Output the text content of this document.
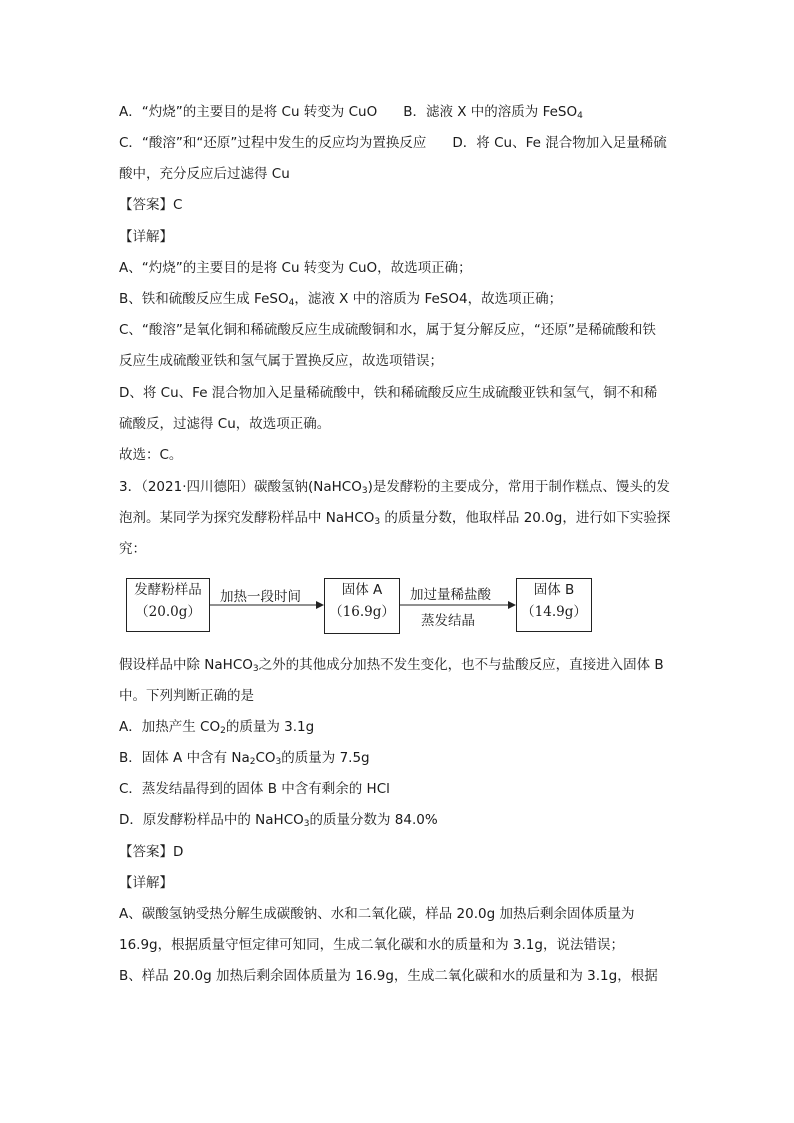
A．“灼烧”的主要目的是将 Cu 转变为 CuO B．滤液 X 中的溶质为 FeSO$_4$
C．“酸溶”和“还原”过程中发生的反应均为置换反应 D．将 Cu、Fe 混合物加入足量稀硫
酸中，充分反应后过滤得 Cu
【答案】C
【详解】
A、“灼烧”的主要目的是将 Cu 转变为 CuO，故选项正确；
B、铁和硫酸反应生成 FeSO$_4$，滤液 X 中的溶质为 FeSO4，故选项正确；
C、“酸溶”是氧化铜和稀硫酸反应生成硫酸铜和水，属于复分解反应，“还原”是稀硫酸和铁
反应生成硫酸亚铁和氢气属于置换反应，故选项错误；
D、将 Cu、Fe 混合物加入足量稀硫酸中，铁和稀硫酸反应生成硫酸亚铁和氢气，铜不和稀
硫酸反，过滤得 Cu，故选项正确。
故选：C。
3．（2021·四川德阳）碳酸氢钠(NaHCO$_3$)是发酵粉的主要成分，常用于制作糕点、馒头的发
泡剂。某同学为探究发酵粉样品中 NaHCO$_3$ 的质量分数，他取样品 20.0g，进行如下实验探
究：
发酵粉样品
（20.0g）
加热一段时间	固体 A
（16.9g）
加过量稀盐酸
蒸发结晶
固体 B
（14.9g）
假设样品中除 NaHCO$_3$之外的其他成分加热不发生变化，也不与盐酸反应，直接进入固体 B
中。下列判断正确的是
A．加热产生 $CO_2$的质量为 3.1g
B．固体 A 中含有 $Na_2CO_3$的质量为 7.5g
C．蒸发结晶得到的固体 B 中含有剩余的 HCl
D．原发酵粉样品中的 NaHCO$_3$的质量分数为 84.0%
【答案】D
【详解】
A、碳酸氢钠受热分解生成碳酸钠、水和二氧化碳，样品 20.0g 加热后剩余固体质量为
16.9g，根据质量守恒定律可知同，生成二氧化碳和水的质量和为 3.1g，说法错误；
B、样品 20.0g 加热后剩余固体质量为 16.9g，生成二氧化碳和水的质量和为 3.1g，根据
